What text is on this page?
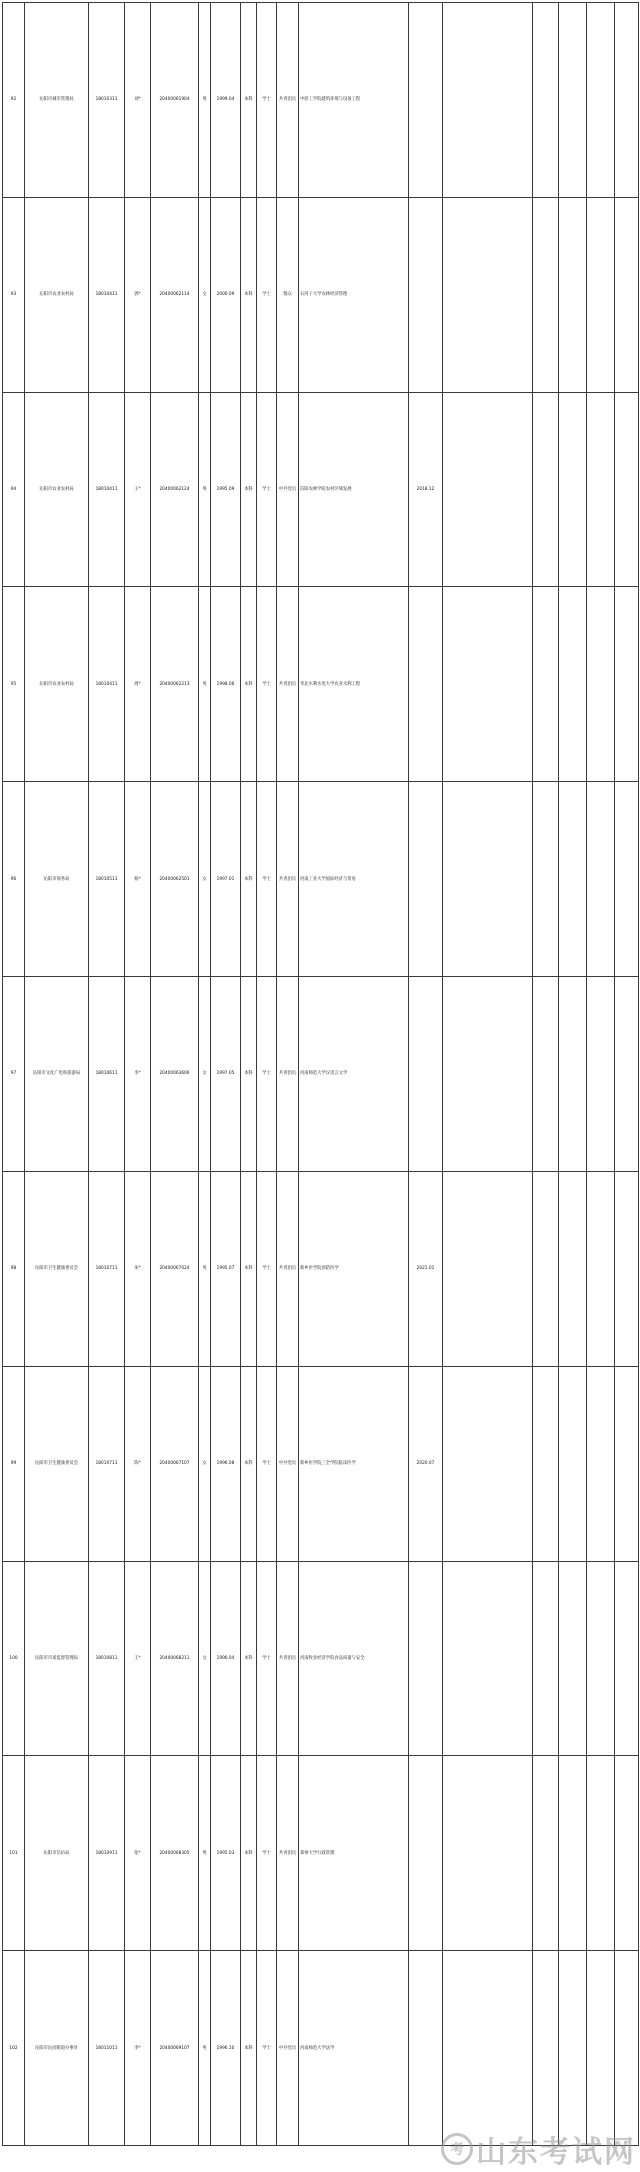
92	沁阳市城市管理局	18010311	刘*	20400061904	男	1999.04	本科	学士	共青团员	中原工学院建筑环境与设备工程						
93	沁阳市农业农村局	18010411	郭*	20400062114	女	2000.09	本科	学士	群众	石河子大学农林经济管理						
94	沁阳市农业农村局	18010411	王*	20400062124	男	1995.09	本科	学士	中共党员	信阳农林学院农村区域发展	2018.12					
95	沁阳市农业农村局	18010411	周*	20400062213	男	1998.06	本科	学士	共青团员	华北水利水电大学农业水利工程						
96	沁阳市商务局	18010511	杨*	20400062501	女	1997.01	本科	学士	共青团员	河南工业大学国际经济与贸易						
97	沁阳市文化广电和旅游局	18010611	李*	20400063606	女	1997.05	本科	学士	共青团员	河南师范大学汉语言文学						
98	沁阳市卫生健康委员会	18010711	朱*	20400067024	男	1995.07	本科	学士	共青团员	新乡医学院预防医学	2021.01					
99	沁阳市卫生健康委员会	18010711	陈*	20400067107	女	1996.08	本科	学士	中共党员	新乡医学院三全学院临床医学	2020.07					
100	沁阳市市场监督管理局	18010811	王*	20400068211	女	1996.04	本科	学士	共青团员	河南牧业经济学院食品质量与安全						
101	沁阳市信访局	18010911	张*	20400068305	男	1995.03	本科	学士	共青团员	郑州大学行政管理						
102	沁阳市沁园街道办事处	18011011	李*	20400069107	男	1996.10	本科	学士	中共党员	河南师范大学法学						
考 山东考试网
